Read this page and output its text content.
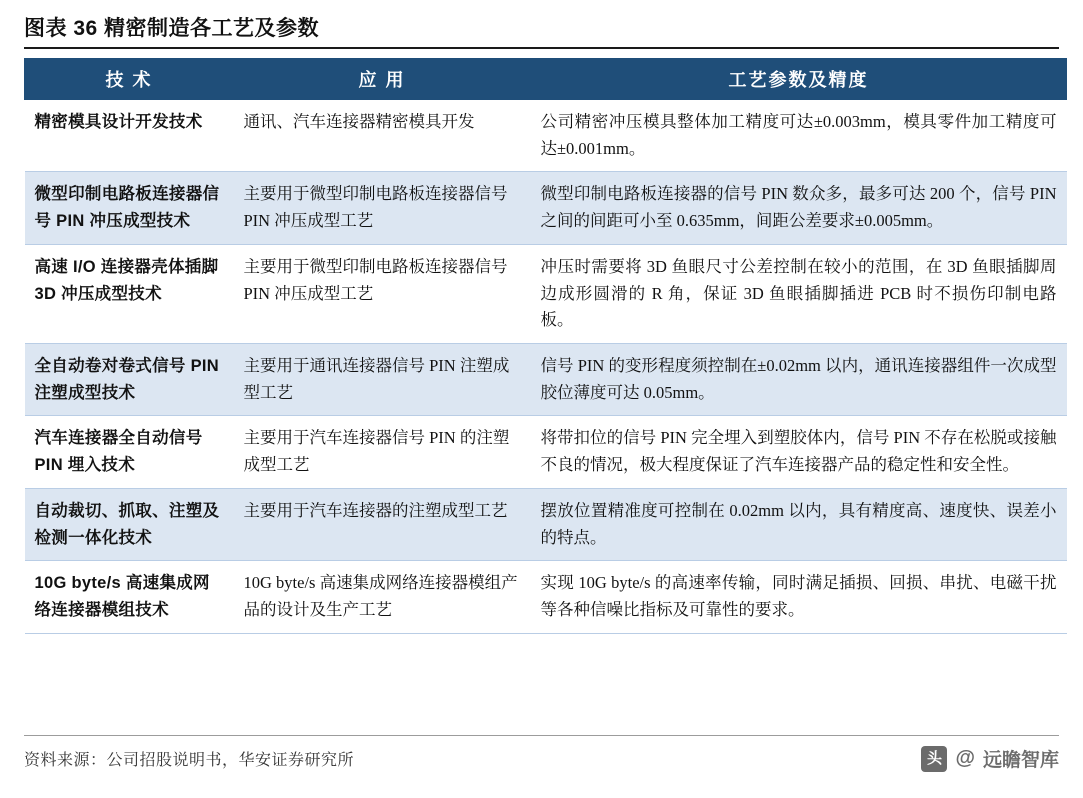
图表 36 精密制造各工艺及参数
技 术	应 用	工艺参数及精度
精密模具设计开发技术	通讯、汽车连接器精密模具开发	公司精密冲压模具整体加工精度可达±0.003mm，模具零件加工精度可达±0.001mm。
微型印制电路板连接器信号 PIN 冲压成型技术	主要用于微型印制电路板连接器信号 PIN 冲压成型工艺	微型印制电路板连接器的信号 PIN 数众多，最多可达 200 个，信号 PIN 之间的间距可小至 0.635mm，间距公差要求±0.005mm。
高速 I/O 连接器壳体插脚 3D 冲压成型技术	主要用于微型印制电路板连接器信号 PIN 冲压成型工艺	冲压时需要将 3D 鱼眼尺寸公差控制在较小的范围，在 3D 鱼眼插脚周边成形圆滑的 R 角，保证 3D 鱼眼插脚插进 PCB 时不损伤印制电路板。
全自动卷对卷式信号 PIN 注塑成型技术	主要用于通讯连接器信号 PIN 注塑成型工艺	信号 PIN 的变形程度须控制在±0.02mm 以内，通讯连接器组件一次成型胶位薄度可达 0.05mm。
汽车连接器全自动信号 PIN 埋入技术	主要用于汽车连接器信号 PIN 的注塑成型工艺	将带扣位的信号 PIN 完全埋入到塑胶体内，信号 PIN 不存在松脱或接触不良的情况，极大程度保证了汽车连接器产品的稳定性和安全性。
自动裁切、抓取、注塑及检测一体化技术	主要用于汽车连接器的注塑成型工艺	摆放位置精准度可控制在 0.02mm 以内，具有精度高、速度快、误差小的特点。
10G byte/s 高速集成网络连接器模组技术	10G byte/s 高速集成网络连接器模组产品的设计及生产工艺	实现 10G byte/s 的高速率传输，同时满足插损、回损、串扰、电磁干扰等各种信噪比指标及可靠性的要求。
资料来源：公司招股说明书，华安证券研究所	头条
@ 远瞻智库
